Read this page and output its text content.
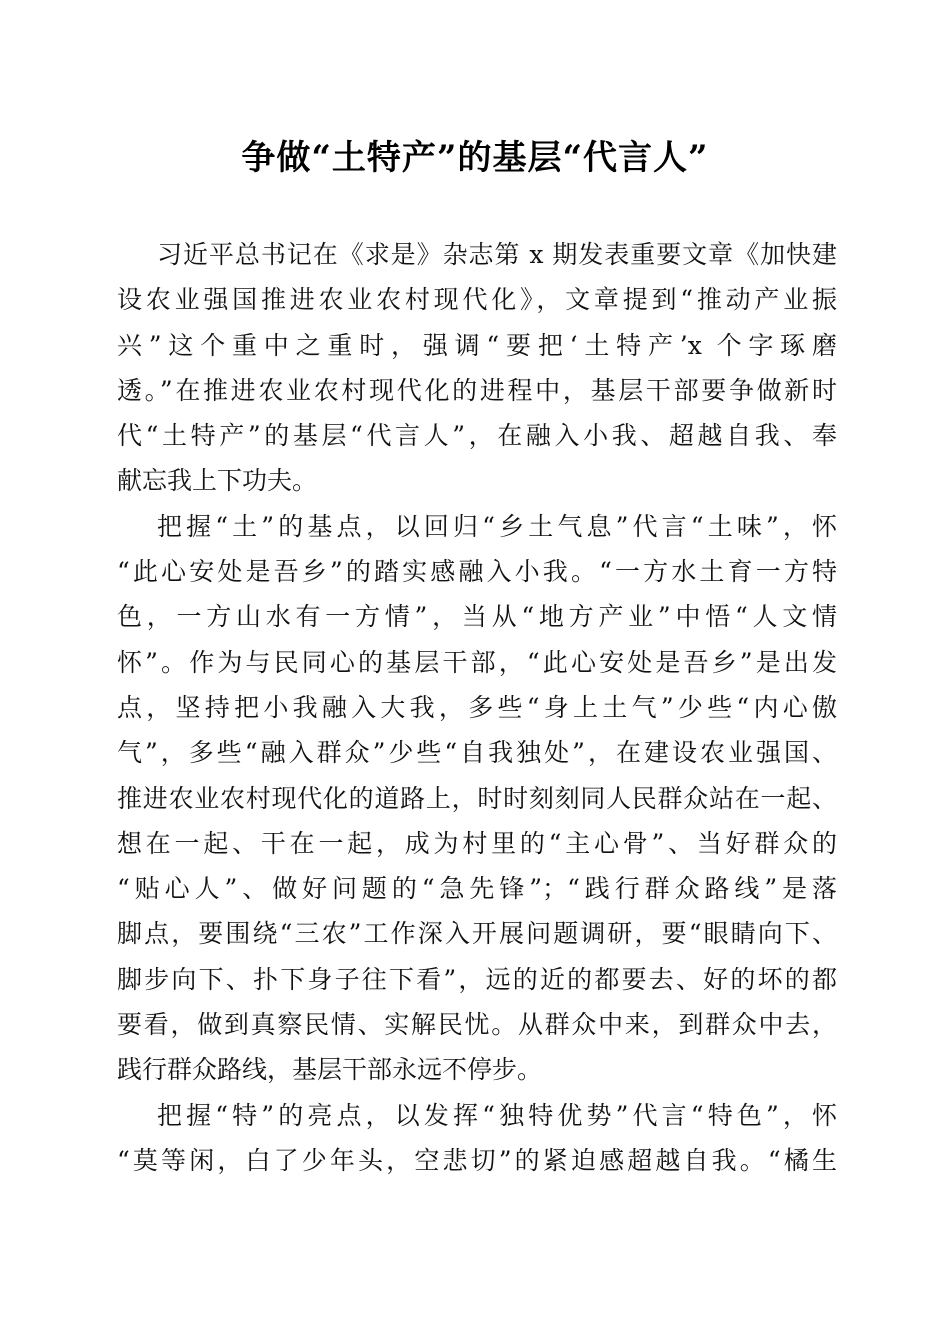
争做“土特产”的基层“代言人”
习近平总书记在《求是》杂志第 x 期发表重要文章《加快建
设农业强国推进农业农村现代化》，文章提到“推动产业振
兴”这个重中之重时，强调“要把‘土特产’x 个字琢磨
透。”在推进农业农村现代化的进程中，基层干部要争做新时
代“土特产”的基层“代言人”，在融入小我、超越自我、奉
献忘我上下功夫。
把握“土”的基点，以回归“乡土气息”代言“土味”，怀
“此心安处是吾乡”的踏实感融入小我。“一方水土育一方特
色，一方山水有一方情”，当从“地方产业”中悟“人文情
怀”。作为与民同心的基层干部，“此心安处是吾乡”是出发
点，坚持把小我融入大我，多些“身上土气”少些“内心傲
气”，多些“融入群众”少些“自我独处”，在建设农业强国、
推进农业农村现代化的道路上，时时刻刻同人民群众站在一起、
想在一起、干在一起，成为村里的“主心骨”、当好群众的
“贴心人”、做好问题的“急先锋”；“践行群众路线”是落
脚点，要围绕“三农”工作深入开展问题调研，要“眼睛向下、
脚步向下、扑下身子往下看”，远的近的都要去、好的坏的都
要看，做到真察民情、实解民忧。从群众中来，到群众中去，
践行群众路线，基层干部永远不停步。
把握“特”的亮点，以发挥“独特优势”代言“特色”，怀
“莫等闲，白了少年头，空悲切”的紧迫感超越自我。“橘生
